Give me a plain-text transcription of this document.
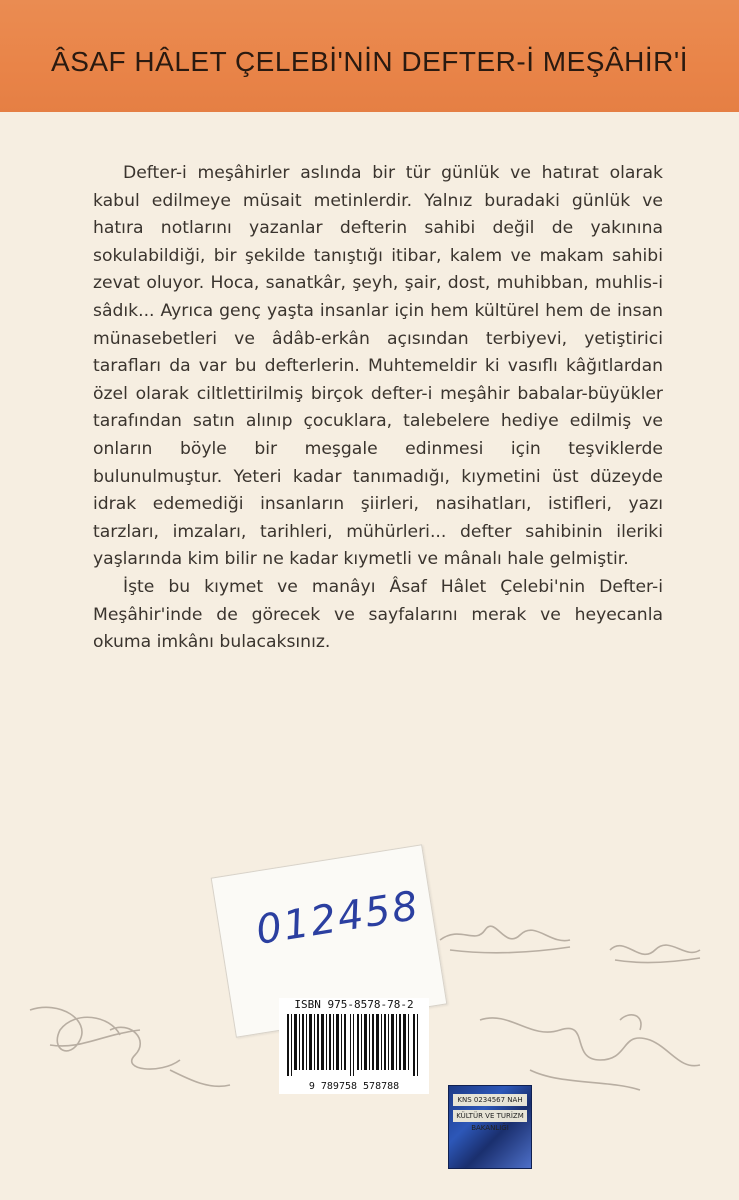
ÂSAF HÂLET ÇELEBİ'NİN DEFTER-İ MEŞÂHİR'İ

Defter-i meşâhirler aslında bir tür günlük ve hatırat olarak kabul edilmeye müsait metinlerdir. Yalnız buradaki günlük ve hatıra notlarını yazanlar defterin sahibi değil de yakınına sokulabildiği, bir şekilde tanıştığı itibar, kalem ve makam sahibi zevat oluyor. Hoca, sanatkâr, şeyh, şair, dost, muhibban, muhlis-i sâdık... Ayrıca genç yaşta insanlar için hem kültürel hem de insan münasebetleri ve âdâb-erkân açısından terbiyevi, yetiştirici tarafları da var bu defterlerin. Muhtemeldir ki vasıflı kâğıtlardan özel olarak ciltlettirilmiş birçok defter-i meşâhir babalar-büyükler tarafından satın alınıp çocuklara, talebelere hediye edilmiş ve onların böyle bir meşgale edinmesi için teşviklerde bulunulmuştur. Yeteri kadar tanımadığı, kıymetini üst düzeyde idrak edemediği insanların şiirleri, nasihatları, istifleri, yazı tarzları, imzaları, tarihleri, mühürleri... defter sahibinin ileriki yaşlarında kim bilir ne kadar kıymetli ve mânalı hale gelmiştir.

İşte bu kıymet ve manâyı Âsaf Hâlet Çelebi'nin Defter-i Meşâhir'inde de görecek ve sayfalarını merak ve heyecanla okuma imkânı bulacaksınız.

012458
ISBN 975-8578-78-2
9 789758 578788
KNS 0234567 NAH
KÜLTÜR VE TURİZM BAKANLIĞI
